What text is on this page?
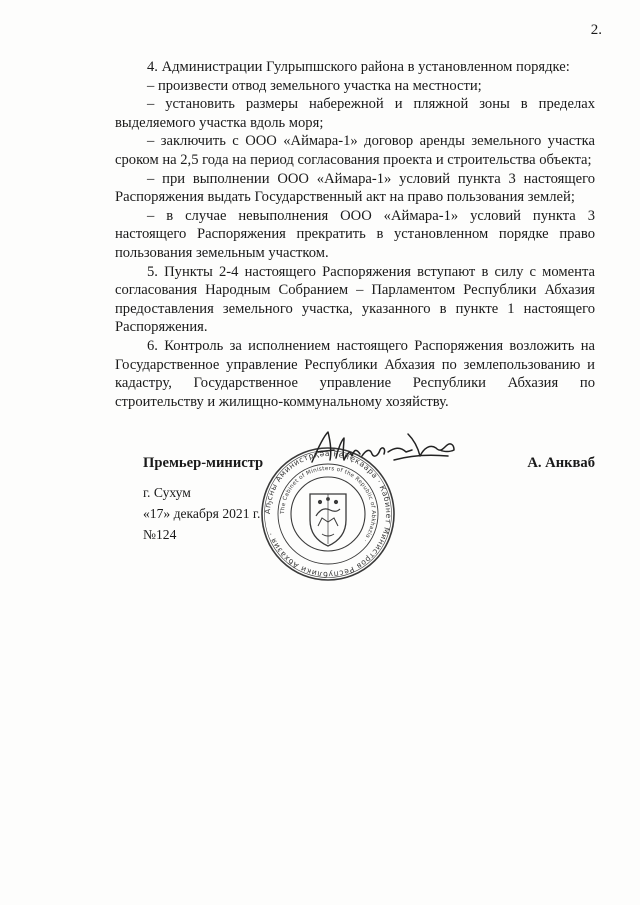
2.

4. Администрации Гулрыпшского района в установленном порядке:

– произвести отвод земельного участка на местности;

– установить размеры набережной и пляжной зоны в пределах выделяемого участка вдоль моря;

– заключить с ООО «Аймара-1» договор аренды земельного участка сроком на 2,5 года на период согласования проекта и строительства объекта;

– при выполнении ООО «Аймара-1» условий пункта 3 настоящего Распоряжения выдать Государственный акт на право пользования землей;

– в случае невыполнения ООО «Аймара-1» условий пункта 3 настоящего Распоряжения прекратить в установленном порядке право пользования земельным участком.

5. Пункты 2-4 настоящего Распоряжения вступают в силу с момента согласования Народным Собранием – Парламентом Республики Абхазия предоставления земельного участка, указанного в пункте 1 настоящего Распоряжения.

6. Контроль за исполнением настоящего Распоряжения возложить на Государственное управление Республики Абхазия по землепользованию и кадастру, Государственное управление Республики Абхазия по строительству и жилищно-коммунальному хозяйству.

Аҧсны Аминистрқәа Реиҿкаара · Кабинет Министров Республики Абхазия ·
The Cabinet of Ministers of the Republic of Abkhazia ·
Премьер-министр	А. Анкваб
г. Сухум
«17» декабря 2021 г.
№124
